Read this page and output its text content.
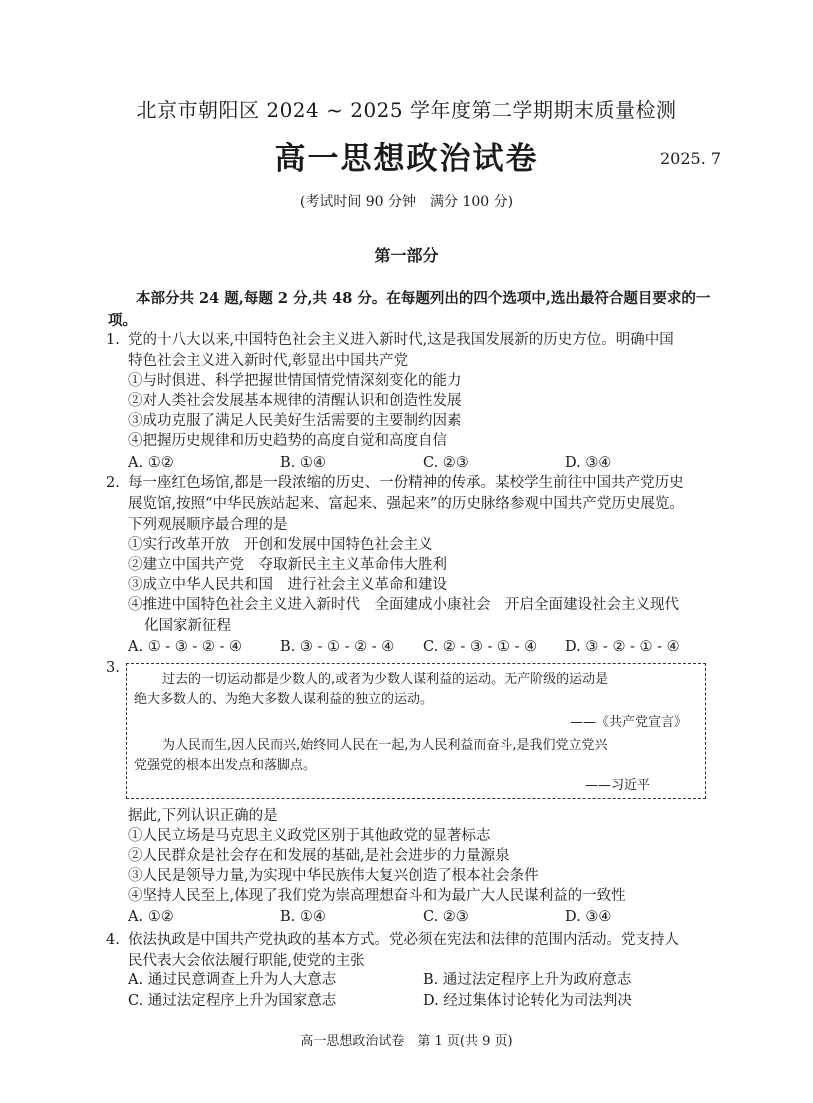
北京市朝阳区 2024 ~ 2025 学年度第二学期期末质量检测
高一思想政治试卷	2025. 7
(考试时间 90 分钟　满分 100 分)
第一部分
本部分共 24 题,每题 2 分,共 48 分。在每题列出的四个选项中,选出最符合题目要求的一项。
1. 党的十八大以来,中国特色社会主义进入新时代,这是我国发展新的历史方位。明确中国
特色社会主义进入新时代,彰显出中国共产党
①与时俱进、科学把握世情国情党情深刻变化的能力
②对人类社会发展基本规律的清醒认识和创造性发展
③成功克服了满足人民美好生活需要的主要制约因素
④把握历史规律和历史趋势的高度自觉和高度自信
A. ①②	B. ①④	C. ②③	D. ③④
2. 每一座红色场馆,都是一段浓缩的历史、一份精神的传承。某校学生前往中国共产党历史
展览馆,按照“中华民族站起来、富起来、强起来”的历史脉络参观中国共产党历史展览。
下列观展顺序最合理的是
①实行改革开放　开创和发展中国特色社会主义
②建立中国共产党　夺取新民主主义革命伟大胜利
③成立中华人民共和国　进行社会主义革命和建设
④推进中国特色社会主义进入新时代　全面建成小康社会　开启全面建设社会主义现代
化国家新征程
A. ① - ③ - ② - ④	B. ③ - ① - ② - ④ C. ② - ③ - ① - ④ D. ③ - ② - ① - ④
3.
过去的一切运动都是少数人的,或者为少数人谋利益的运动。无产阶级的运动是
绝大多数人的、为绝大多数人谋利益的独立的运动。
——《共产党宣言》
为人民而生,因人民而兴,始终同人民在一起,为人民利益而奋斗,是我们党立党兴
党强党的根本出发点和落脚点。
——习近平
据此,下列认识正确的是
①人民立场是马克思主义政党区别于其他政党的显著标志
②人民群众是社会存在和发展的基础,是社会进步的力量源泉
③人民是领导力量,为实现中华民族伟大复兴创造了根本社会条件
④坚持人民至上,体现了我们党为崇高理想奋斗和为最广大人民谋利益的一致性
A. ①②	B. ①④	C. ②③	D. ③④
4. 依法执政是中国共产党执政的基本方式。党必须在宪法和法律的范围内活动。党支持人
民代表大会依法履行职能,使党的主张
A. 通过民意调查上升为人大意志	B. 通过法定程序上升为政府意志
C. 通过法定程序上升为国家意志	D. 经过集体讨论转化为司法判决
高一思想政治试卷　第 1 页(共 9 页)
